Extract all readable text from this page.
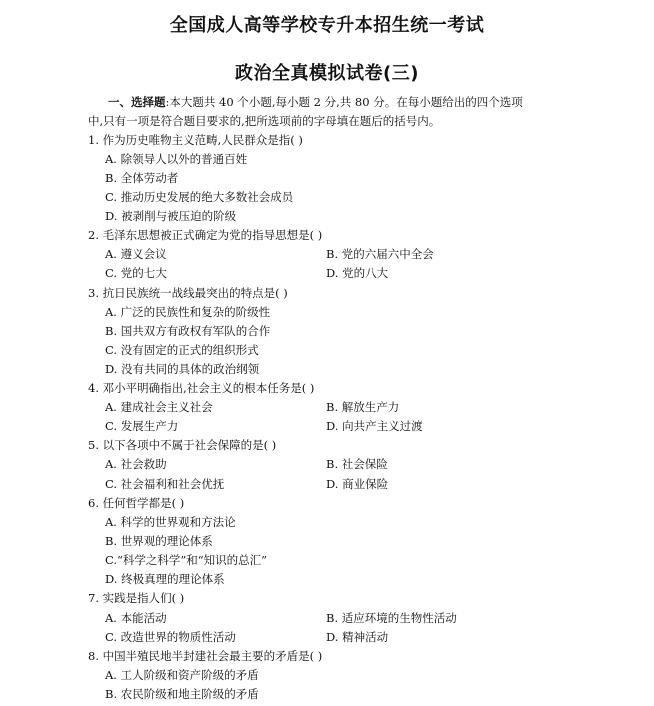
全国成人高等学校专升本招生统一考试
政治全真模拟试卷(三)
一、选择题:本大题共 40 个小题,每小题 2 分,共 80 分。在每小题给出的四个选项
中,只有一项是符合题目要求的,把所选项前的字母填在题后的括号内。
1. 作为历史唯物主义范畴,人民群众是指( )
A. 除领导人以外的普通百姓
B. 全体劳动者
C. 推动历史发展的绝大多数社会成员
D. 被剥削与被压迫的阶级
2. 毛泽东思想被正式确定为党的指导思想是( )
A. 遵义会议	B. 党的六届六中全会
C. 党的七大	D. 党的八大
3. 抗日民族统一战线最突出的特点是( )
A. 广泛的民族性和复杂的阶级性
B. 国共双方有政权有军队的合作
C. 没有固定的正式的组织形式
D. 没有共同的具体的政治纲领
4. 邓小平明确指出,社会主义的根本任务是( )
A. 建成社会主义社会	B. 解放生产力
C. 发展生产力	D. 向共产主义过渡
5. 以下各项中不属于社会保障的是( )
A. 社会救助	B. 社会保险
C. 社会福利和社会优抚	D. 商业保险
6. 任何哲学都是( )
A. 科学的世界观和方法论
B. 世界观的理论体系
C.“科学之科学”和“知识的总汇”
D. 终极真理的理论体系
7. 实践是指人们( )
A. 本能活动	B. 适应环境的生物性活动
C. 改造世界的物质性活动	D. 精神活动
8. 中国半殖民地半封建社会最主要的矛盾是( )
A. 工人阶级和资产阶级的矛盾
B. 农民阶级和地主阶级的矛盾
